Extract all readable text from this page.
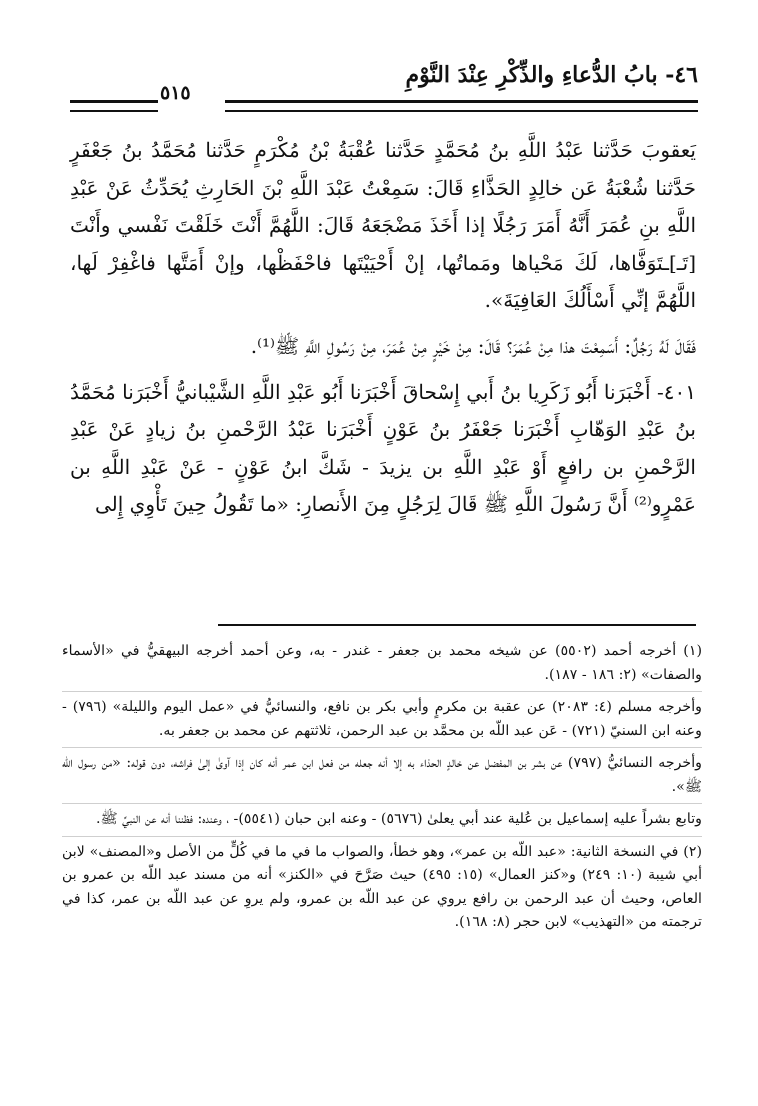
٤٦- بابُ الدُّعاءِ والذِّكْرِ عِنْدَ النَّوْمِ
٥١٥

يَعقوبَ حَدَّثنا عَبْدُ اللَّهِ بنُ مُحَمَّدٍ حَدَّثنا عُقْبَةُ بْنُ مُكْرَمٍ حَدَّثنا مُحَمَّدُ بنُ جَعْفَرٍ حَدَّثنا شُعْبَةُ عَن خالِدٍ الحَذَّاءِ قَالَ: سَمِعْتُ عَبْدَ اللَّهِ بْنَ الحَارِثِ يُحَدِّثُ عَنْ عَبْدِ اللَّهِ بنِ عُمَرَ أَنَّهُ أَمَرَ رَجُلًا إذا أَخَذَ مَضْجَعَهُ قَالَ: اللَّهُمَّ أَنْتَ خَلَقْتَ نَفْسي وأَنْتَ [تَـ]ـتَوَفَّاها، لَكَ مَحْياها ومَماتُها، إنْ أَحْيَيْتَها فاحْفَظْها، وإنْ أَمَتَّها فاغْفِرْ لَها، اللَّهُمَّ إنِّي أَسْأَلُكَ العَافِيَةَ».

فَقَالَ لَهُ رَجُلٌ: أَسَمِعْتَ هذا مِنْ عُمَرَ؟ قَالَ: مِنْ خَيْرٍ مِنْ عُمَرَ، مِنْ رَسُولِ اللَّهِ ﷺ⁽¹⁾.

٤٠١- أَخْبَرَنا أَبُو زَكَرِيا بنُ أَبي إِسْحاقَ أَخْبَرَنا أَبُو عَبْدِ اللَّهِ الشَّيْبانيُّ أَخْبَرَنا مُحَمَّدُ بنُ عَبْدِ الوَهّابِ أَخْبَرَنا جَعْفَرُ بنُ عَوْنٍ أَخْبَرَنا عَبْدُ الرَّحْمنِ بنُ زيادٍ عَنْ عَبْدِ الرَّحْمنِ بن رافعٍ أَوْ عَبْدِ اللَّهِ بن يزيدَ - شَكَّ ابنُ عَوْنٍ - عَنْ عَبْدِ اللَّهِ بن عَمْرٍو⁽²⁾ أَنَّ رَسُولَ اللَّهِ ﷺ قَالَ لِرَجُلٍ مِنَ الأَنصارِ: «ما تَقُولُ حِينَ تَأْوِي إِلى

(١) أخرجه أحمد (٥٥٠٢) عن شيخه محمد بن جعفر - غندر - به، وعن أحمد أخرجه البيهقيُّ في «الأسماء والصفات» (٢: ١٨٦ - ١٨٧).

وأخرجه مسلم (٤: ٢٠٨٣) عن عقبة بن مكرمٍ وأبي بكر بن نافع، والنسائيُّ في «عمل اليوم والليلة» (٧٩٦) - وعنه ابن السنيّ (٧٢١) - عَن عبد اللّه بن محمَّد بن عبد الرحمن، ثلاثتهم عن محمد بن جعفر به.

وأخرجه النسائيُّ (٧٩٧) عن بشر بن المفضل عن خالدٍ الحذاء به إلا أنه جعله من فعل ابن عمر أنه كان إذا آوىٰ إلىٰ فراشه، دون قوله: «من رسول اللّه ﷺ».

وتابع بشراً عليه إسماعيل بن عُلية عند أبي يعلىٰ (٥٦٧٦) - وعنه ابن حبان (٥٥٤١)- ، وعنده: فظننا أنه عن النبيِّ ﷺ.

(٢) في النسخة الثانية: «عبد اللّه بن عمر»، وهو خطأ، والصواب ما في ما في كُلٍّ من الأصل و«المصنف» لابن أبي شيبة (١٠: ٢٤٩) و«كنز العمال» (١٥: ٤٩٥) حيث صَرَّحَ في «الكنز» أنه من مسند عبد اللّه بن عمرو بن العاص، وحيث أن عبد الرحمن بن رافع يروي عن عبد اللّه بن عمرو، ولم يروِ عن عبد اللّه بن عمر، كذا في ترجمته من «التهذيب» لابن حجر (٨: ١٦٨).
